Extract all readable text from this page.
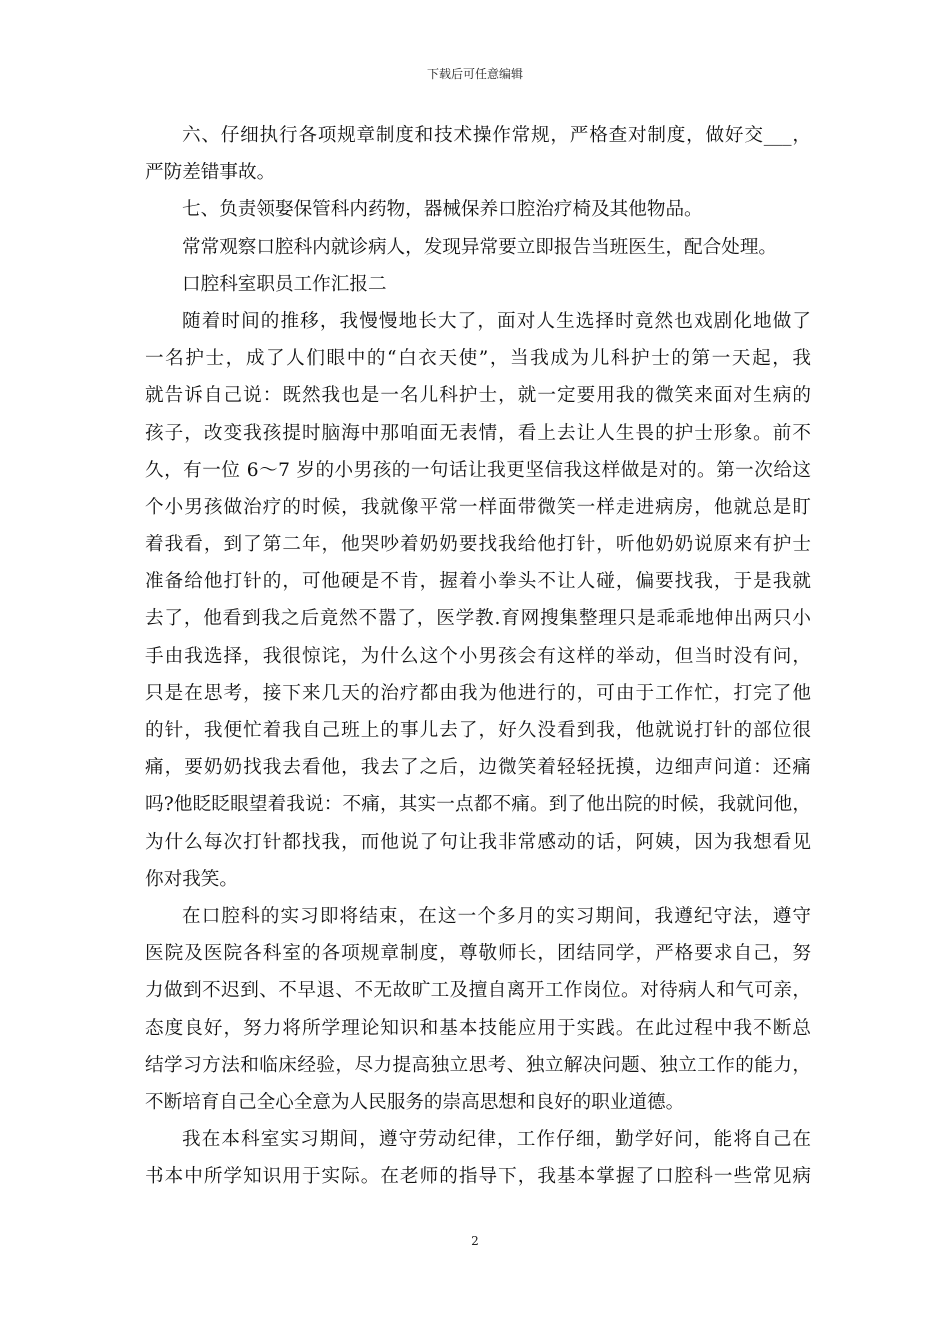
下载后可任意编辑
六、仔细执行各项规章制度和技术操作常规，严格查对制度，做好交___，
严防差错事故。
七、负责领娶保管科内药物，器械保养口腔治疗椅及其他物品。
常常观察口腔科内就诊病人，发现异常要立即报告当班医生，配合处理。
口腔科室职员工作汇报二
随着时间的推移，我慢慢地长大了，面对人生选择时竟然也戏剧化地做了
一名护士，成了人们眼中的“白衣天使”，当我成为儿科护士的第一天起，我
就告诉自己说：既然我也是一名儿科护士，就一定要用我的微笑来面对生病的
孩子，改变我孩提时脑海中那咱面无表情，看上去让人生畏的护士形象。前不
久，有一位 6～7 岁的小男孩的一句话让我更坚信我这样做是对的。第一次给这
个小男孩做治疗的时候，我就像平常一样面带微笑一样走进病房，他就总是盯
着我看，到了第二年，他哭吵着奶奶要找我给他打针，听他奶奶说原来有护士
准备给他打针的，可他硬是不肯，握着小拳头不让人碰，偏要找我，于是我就
去了，他看到我之后竟然不嚣了，医学教.育网搜集整理只是乖乖地伸出两只小
手由我选择，我很惊诧，为什么这个小男孩会有这样的举动，但当时没有问，
只是在思考，接下来几天的治疗都由我为他进行的，可由于工作忙，打完了他
的针，我便忙着我自己班上的事儿去了，好久没看到我，他就说打针的部位很
痛，要奶奶找我去看他，我去了之后，边微笑着轻轻抚摸，边细声问道：还痛
吗?他眨眨眼望着我说：不痛，其实一点都不痛。到了他出院的时候，我就问他，
为什么每次打针都找我，而他说了句让我非常感动的话，阿姨，因为我想看见
你对我笑。
在口腔科的实习即将结束，在这一个多月的实习期间，我遵纪守法，遵守
医院及医院各科室的各项规章制度，尊敬师长，团结同学，严格要求自己，努
力做到不迟到、不早退、不无故旷工及擅自离开工作岗位。对待病人和气可亲，
态度良好，努力将所学理论知识和基本技能应用于实践。在此过程中我不断总
结学习方法和临床经验，尽力提高独立思考、独立解决问题、独立工作的能力，
不断培育自己全心全意为人民服务的崇高思想和良好的职业道德。
我在本科室实习期间，遵守劳动纪律，工作仔细，勤学好问，能将自己在
书本中所学知识用于实际。在老师的指导下，我基本掌握了口腔科一些常见病
2
